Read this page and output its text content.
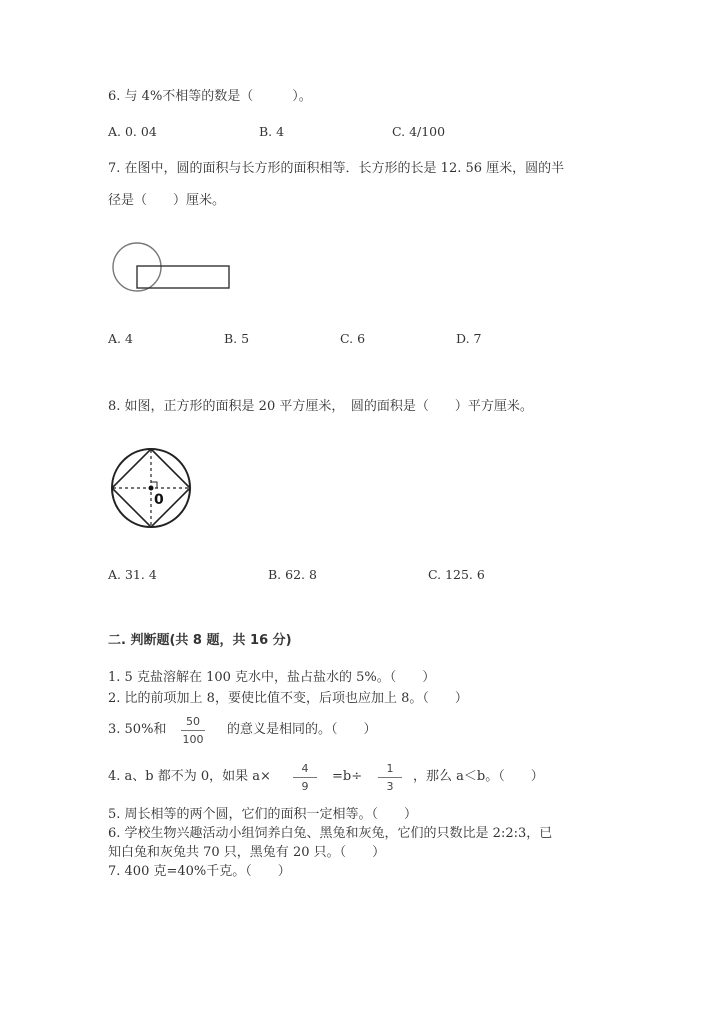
6. 与 4%不相等的数是（　　　）。
A. 0. 04	B. 4	C. 4/100
7. 在图中，圆的面积与长方形的面积相等．长方形的长是 12. 56 厘米，圆的半
径是（　　）厘米。
A. 4	B. 5	C. 6	D. 7
8. 如图，正方形的面积是 20 平方厘米，　圆的面积是（　　）平方厘米。
0
A. 31. 4	B. 62. 8	C. 125. 6
二. 判断题(共 8 题，共 16 分)
1. 5 克盐溶解在 100 克水中，盐占盐水的 5%。（　　）
2. 比的前项加上 8，要使比值不变，后项也应加上 8。（　　）
3. 50%和
50
100
的意义是相同的。（　　）
4. a、b 都不为 0，如果 a×
4
9
=b÷
1
3
，那么 a＜b。（　　）
5. 周长相等的两个圆，它们的面积一定相等。（　　）
6. 学校生物兴趣活动小组饲养白兔、黑兔和灰兔，它们的只数比是 2:2:3，已
知白兔和灰兔共 70 只，黑兔有 20 只。（　　）
7. 400 克=40%千克。（　　）
